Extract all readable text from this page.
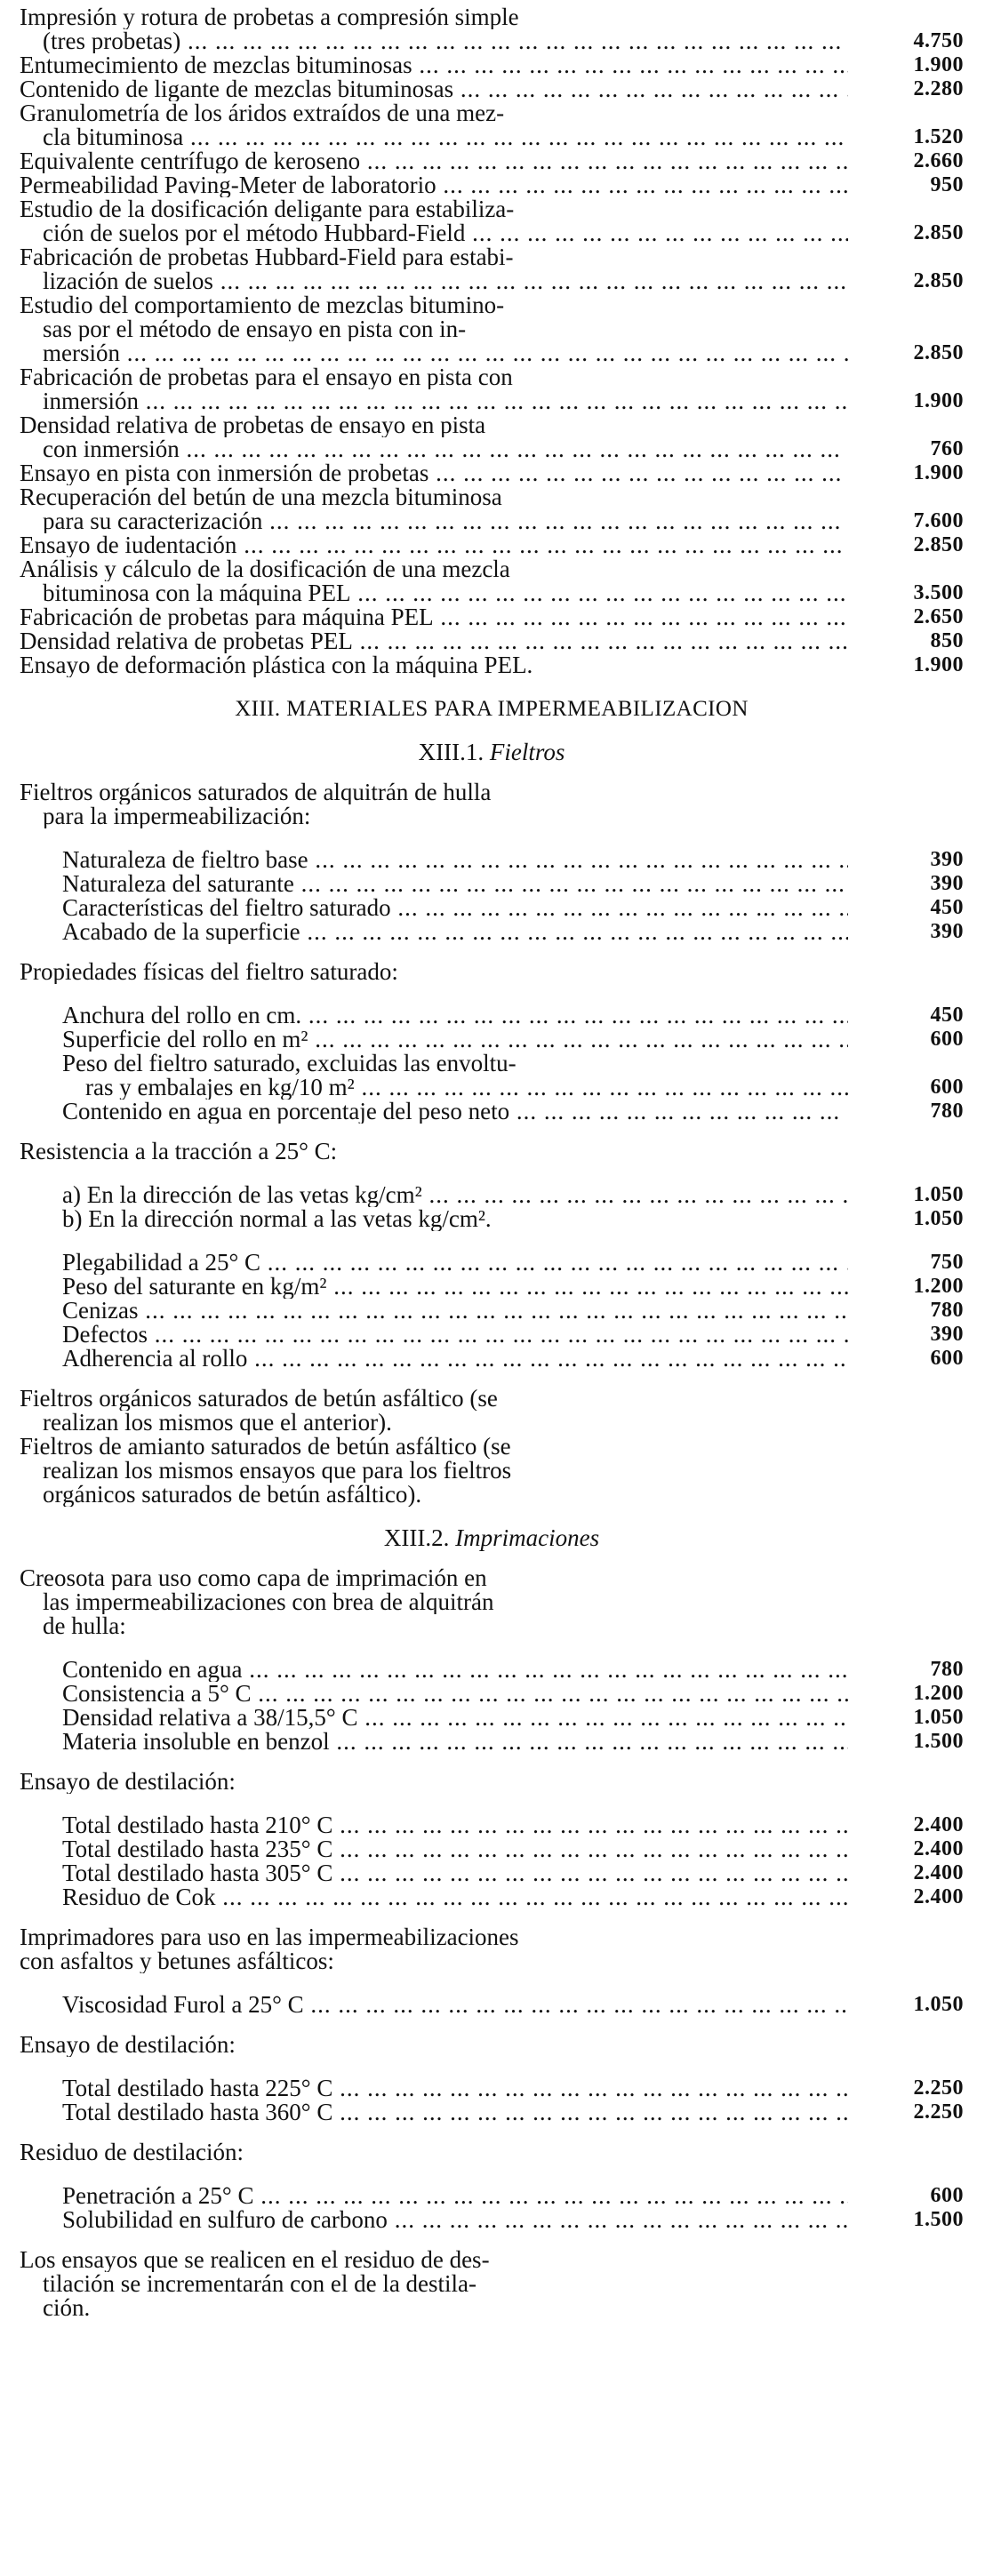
Impresión y rotura de probetas a compresión simple
(tres probetas) ... .	4.750
Entumecimiento de mezclas bituminosas ... .	1.900
Contenido de ligante de mezclas bituminosas ... .	2.280
Granulometría de los áridos extraídos de una mez-
cla bituminosa ... .	1.520
Equivalente centrífugo de keroseno ... .	2.660
Permeabilidad Paving-Meter de laboratorio ... .	950
Estudio de la dosificación deligante para estabiliza-
ción de suelos por el método Hubbard-Field ... .	2.850
Fabricación de probetas Hubbard-Field para estabi-
lización de suelos ... .	2.850
Estudio del comportamiento de mezclas bitumino-
sas por el método de ensayo en pista con in-
mersión ... .	2.850
Fabricación de probetas para el ensayo en pista con
inmersión ... .	1.900
Densidad relativa de probetas de ensayo en pista
con inmersión ... .	760
Ensayo en pista con inmersión de probetas ... .	1.900
Recuperación del betún de una mezcla bituminosa
para su caracterización ... .	7.600
Ensayo de iudentación ... .	2.850
Análisis y cálculo de la dosificación de una mezcla
bituminosa con la máquina PEL ... .	3.500
Fabricación de probetas para máquina PEL ... .	2.650
Densidad relativa de probetas PEL ... .	850
Ensayo de deformación plástica con la máquina PEL.	1.900
XIII. MATERIALES PARA IMPERMEABILIZACION
XIII.1. Fieltros
Fieltros orgánicos saturados de alquitrán de hulla
para la impermeabilización:
Naturaleza de fieltro base ... .	390
Naturaleza del saturante ... .	390
Características del fieltro saturado ... .	450
Acabado de la superficie ... .	390
Propiedades físicas del fieltro saturado:
Anchura del rollo en cm. ... .	450
Superficie del rollo en m² ... .	600
Peso del fieltro saturado, excluidas las envoltu-
ras y embalajes en kg/10 m² ... .	600
Contenido en agua en porcentaje del peso neto ... .	780
Resistencia a la tracción a 25° C:
a) En la dirección de las vetas kg/cm² ... .	1.050
b) En la dirección normal a las vetas kg/cm².	1.050
Plegabilidad a 25° C ... .	750
Peso del saturante en kg/m² ... .	1.200
Cenizas ... .	780
Defectos ... .	390
Adherencia al rollo ... .	600
Fieltros orgánicos saturados de betún asfáltico (se
realizan los mismos que el anterior).
Fieltros de amianto saturados de betún asfáltico (se
realizan los mismos ensayos que para los fieltros
orgánicos saturados de betún asfáltico).
XIII.2. Imprimaciones
Creosota para uso como capa de imprimación en
las impermeabilizaciones con brea de alquitrán
de hulla:
Contenido en agua ... .	780
Consistencia a 5° C ... .	1.200
Densidad relativa a 38/15,5° C ... .	1.050
Materia insoluble en benzol ... .	1.500
Ensayo de destilación:
Total destilado hasta 210° C ... .	2.400
Total destilado hasta 235° C ... .	2.400
Total destilado hasta 305° C ... .	2.400
Residuo de Cok ... .	2.400
Imprimadores para uso en las impermeabilizaciones
con asfaltos y betunes asfálticos:
Viscosidad Furol a 25° C ... .	1.050
Ensayo de destilación:
Total destilado hasta 225° C ... .	2.250
Total destilado hasta 360° C ... .	2.250
Residuo de destilación:
Penetración a 25° C ... .	600
Solubilidad en sulfuro de carbono ... .	1.500
Los ensayos que se realicen en el residuo de des-
tilación se incrementarán con el de la destila-
ción.
